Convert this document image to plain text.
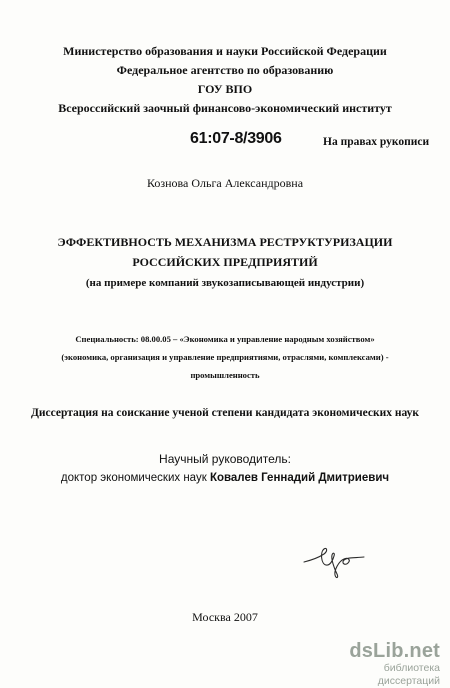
Министерство образования и науки Российской Федерации
Федеральное агентство по образованию
ГОУ ВПО
Всероссийский заочный финансово-экономический институт
61:07-8/3906	На правах рукописи
Кознова Ольга Александровна
ЭФФЕКТИВНОСТЬ МЕХАНИЗМА РЕСТРУКТУРИЗАЦИИ
РОССИЙСКИХ ПРЕДПРИЯТИЙ
(на примере компаний звукозаписывающей индустрии)
Специальность: 08.00.05 – «Экономика и управление народным хозяйством»
(экономика, организация и управление предприятиями, отраслями, комплексами) -
промышленность
Диссертация на соискание ученой степени кандидата экономических наук
Научный руководитель:
доктор экономических наук Ковалев Геннадий Дмитриевич
Москва 2007
dsLib.net
библиотека диссертаций
